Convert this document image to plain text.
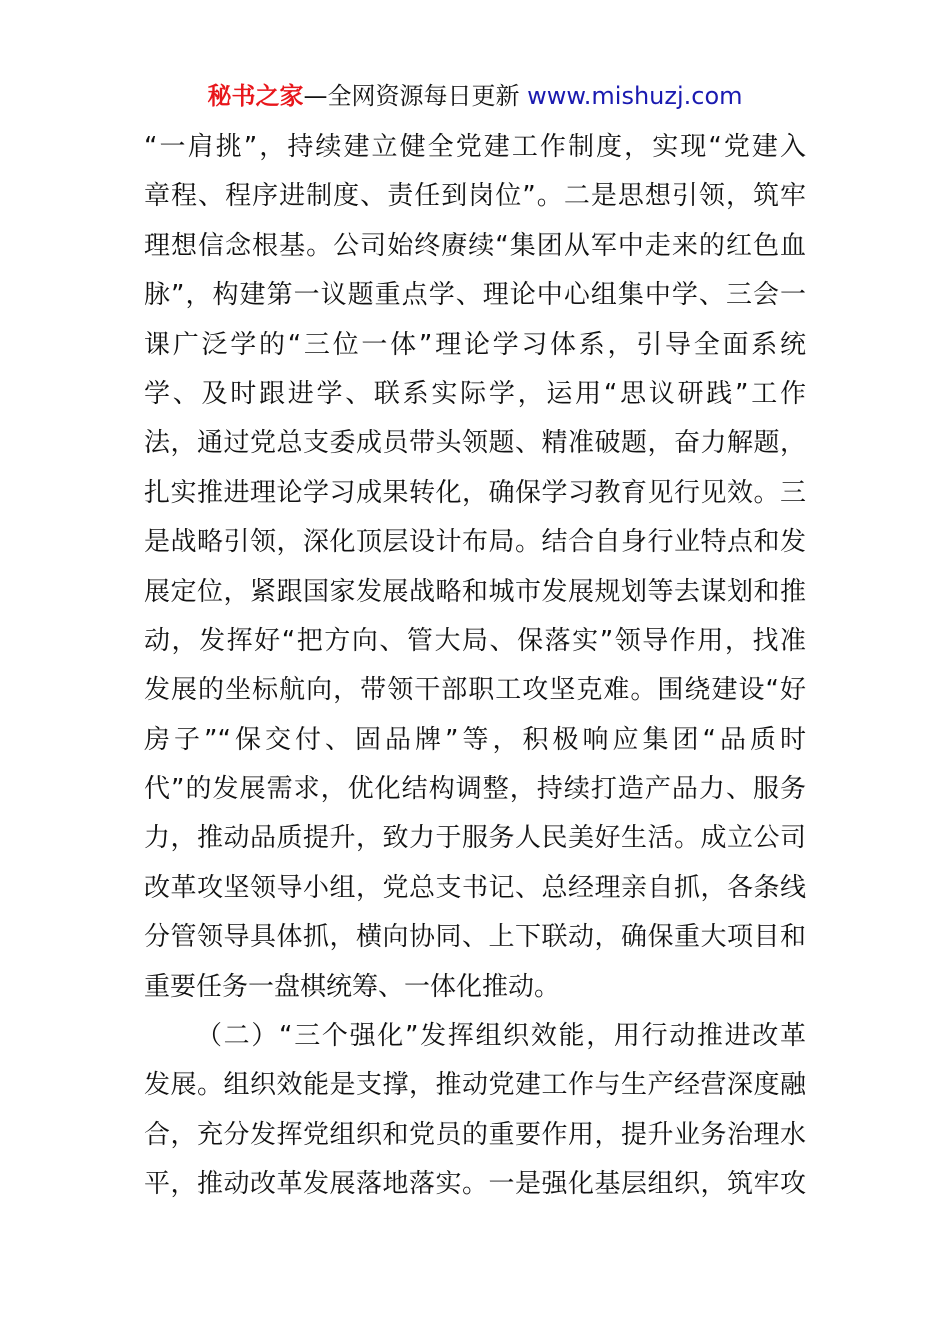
秘书之家—全网资源每日更新 www.mishuzj.com
“一肩挑”，持续建立健全党建工作制度，实现“党建入
章程、程序进制度、责任到岗位”。二是思想引领，筑牢
理想信念根基。公司始终赓续“集团从军中走来的红色血
脉”，构建第一议题重点学、理论中心组集中学、三会一
课广泛学的“三位一体”理论学习体系，引导全面系统
学、及时跟进学、联系实际学，运用“思议研践”工作
法，通过党总支委成员带头领题、精准破题，奋力解题，
扎实推进理论学习成果转化，确保学习教育见行见效。三
是战略引领，深化顶层设计布局。结合自身行业特点和发
展定位，紧跟国家发展战略和城市发展规划等去谋划和推
动，发挥好“把方向、管大局、保落实”领导作用，找准
发展的坐标航向，带领干部职工攻坚克难。围绕建设“好
房子”“保交付、固品牌”等，积极响应集团“品质时
代”的发展需求，优化结构调整，持续打造产品力、服务
力，推动品质提升，致力于服务人民美好生活。成立公司
改革攻坚领导小组，党总支书记、总经理亲自抓，各条线
分管领导具体抓，横向协同、上下联动，确保重大项目和
重要任务一盘棋统筹、一体化推动。
（二）“三个强化”发挥组织效能，用行动推进改革
发展。组织效能是支撑，推动党建工作与生产经营深度融
合，充分发挥党组织和党员的重要作用，提升业务治理水
平，推动改革发展落地落实。一是强化基层组织，筑牢攻
